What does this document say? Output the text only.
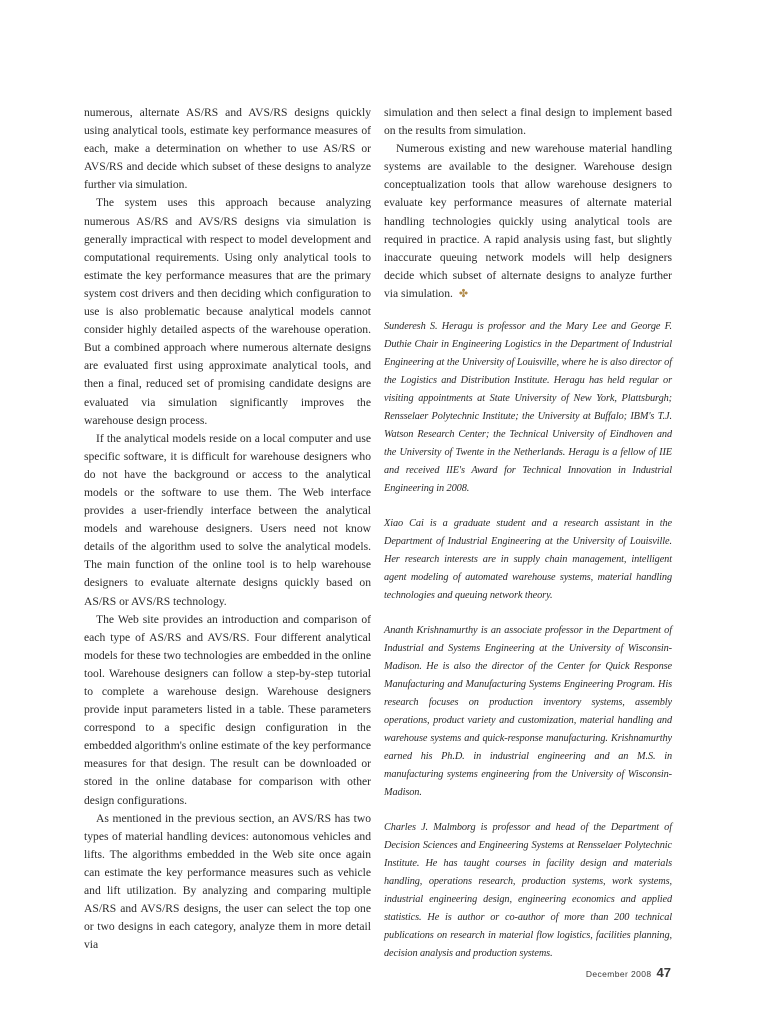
numerous, alternate AS/RS and AVS/RS designs quickly using analytical tools, estimate key performance measures of each, make a determination on whether to use AS/RS or AVS/RS and decide which subset of these designs to analyze further via simulation.

The system uses this approach because analyzing numerous AS/RS and AVS/RS designs via simulation is generally impractical with respect to model development and computational requirements. Using only analytical tools to estimate the key performance measures that are the primary system cost drivers and then deciding which configuration to use is also problematic because analytical models cannot consider highly detailed aspects of the warehouse operation. But a combined approach where numerous alternate designs are evaluated first using approximate analytical tools, and then a final, reduced set of promising candidate designs are evaluated via simulation significantly improves the warehouse design process.

If the analytical models reside on a local computer and use specific software, it is difficult for warehouse designers who do not have the background or access to the analytical models or the software to use them. The Web interface provides a user-friendly interface between the analytical models and warehouse designers. Users need not know details of the algorithm used to solve the analytical models. The main function of the online tool is to help warehouse designers to evaluate alternate designs quickly based on AS/RS or AVS/RS technology.

The Web site provides an introduction and comparison of each type of AS/RS and AVS/RS. Four different analytical models for these two technologies are embedded in the online tool. Warehouse designers can follow a step-by-step tutorial to complete a warehouse design. Warehouse designers provide input parameters listed in a table. These parameters correspond to a specific design configuration in the embedded algorithm's online estimate of the key performance measures for that design. The result can be downloaded or stored in the online database for comparison with other design configurations.

As mentioned in the previous section, an AVS/RS has two types of material handling devices: autonomous vehicles and lifts. The algorithms embedded in the Web site once again can estimate the key performance measures such as vehicle and lift utilization. By analyzing and comparing multiple AS/RS and AVS/RS designs, the user can select the top one or two designs in each category, analyze them in more detail via

simulation and then select a final design to implement based on the results from simulation.

Numerous existing and new warehouse material handling systems are available to the designer. Warehouse design conceptualization tools that allow warehouse designers to evaluate key performance measures of alternate material handling technologies quickly using analytical tools are required in practice. A rapid analysis using fast, but slightly inaccurate queuing network models will help designers decide which subset of alternate designs to analyze further via simulation. ✤

Sunderesh S. Heragu is professor and the Mary Lee and George F. Duthie Chair in Engineering Logistics in the Department of Industrial Engineering at the University of Louisville, where he is also director of the Logistics and Distribution Institute. Heragu has held regular or visiting appointments at State University of New York, Plattsburgh; Rensselaer Polytechnic Institute; the University at Buffalo; IBM's T.J. Watson Research Center; the Technical University of Eindhoven and the University of Twente in the Netherlands. Heragu is a fellow of IIE and received IIE's Award for Technical Innovation in Industrial Engineering in 2008.

Xiao Cai is a graduate student and a research assistant in the Department of Industrial Engineering at the University of Louisville. Her research interests are in supply chain management, intelligent agent modeling of automated warehouse systems, material handling technologies and queuing network theory.

Ananth Krishnamurthy is an associate professor in the Department of Industrial and Systems Engineering at the University of Wisconsin-Madison. He is also the director of the Center for Quick Response Manufacturing and Manufacturing Systems Engineering Program. His research focuses on production inventory systems, assembly operations, product variety and customization, material handling and warehouse systems and quick-response manufacturing. Krishnamurthy earned his Ph.D. in industrial engineering and an M.S. in manufacturing systems engineering from the University of Wisconsin-Madison.

Charles J. Malmborg is professor and head of the Department of Decision Sciences and Engineering Systems at Rensselaer Polytechnic Institute. He has taught courses in facility design and materials handling, operations research, production systems, work systems, industrial engineering design, engineering economics and applied statistics. He is author or co-author of more than 200 technical publications on research in material flow logistics, facilities planning, decision analysis and production systems.

December 2008 47
